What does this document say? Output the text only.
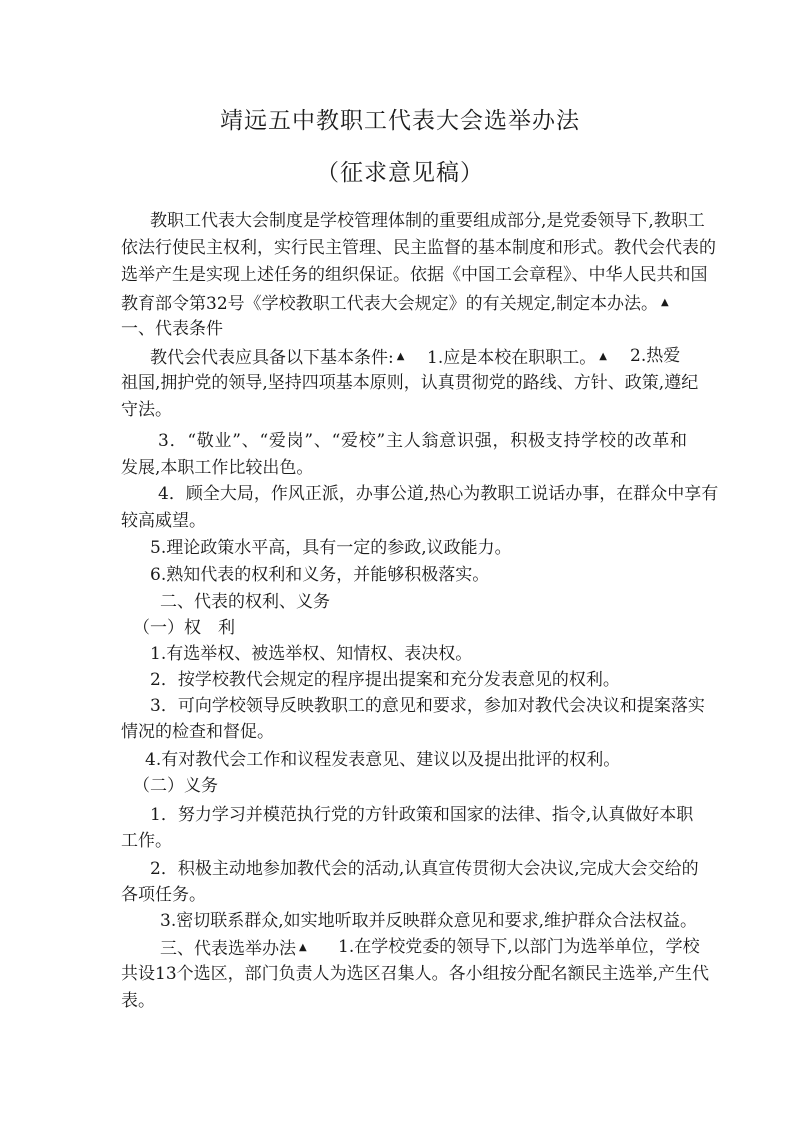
靖远五中教职工代表大会选举办法
（征求意见稿）
教职工代表大会制度是学校管理体制的重要组成部分,是党委领导下,教职工
依法行使民主权利，实行民主管理、民主监督的基本制度和形式。教代会代表的
选举产生是实现上述任务的组织保证。依据《中国工会章程》、中华人民共和国
教育部令第32号《学校教职工代表大会规定》的有关规定,制定本办法。 ▲
一、代表条件
教代会代表应具备以下基本条件: ▲ 1.应是本校在职职工。 ▲ 2.热爱
祖国,拥护党的领导,坚持四项基本原则，认真贯彻党的路线、方针、政策,遵纪
守法。
3．“敬业”、“爱岗”、“爱校”主人翁意识强，积极支持学校的改革和
发展,本职工作比较出色。
4．顾全大局，作风正派，办事公道,热心为教职工说话办事，在群众中享有
较高威望。
5.理论政策水平高，具有一定的参政,议政能力。
6.熟知代表的权利和义务，并能够积极落实。
二、代表的权利、义务
（一）权　利
1.有选举权、被选举权、知情权、表决权。
2．按学校教代会规定的程序提出提案和充分发表意见的权利。
3．可向学校领导反映教职工的意见和要求，参加对教代会决议和提案落实
情况的检查和督促。
4.有对教代会工作和议程发表意见、建议以及提出批评的权利。
（二）义务
1．努力学习并模范执行党的方针政策和国家的法律、指令,认真做好本职
工作。
2．积极主动地参加教代会的活动,认真宣传贯彻大会决议,完成大会交给的
各项任务。
3.密切联系群众,如实地听取并反映群众意见和要求,维护群众合法权益。
三、代表选举办法 ▲ 1.在学校党委的领导下,以部门为选举单位，学校
共设13个选区，部门负责人为选区召集人。各小组按分配名额民主选举,产生代
表。
